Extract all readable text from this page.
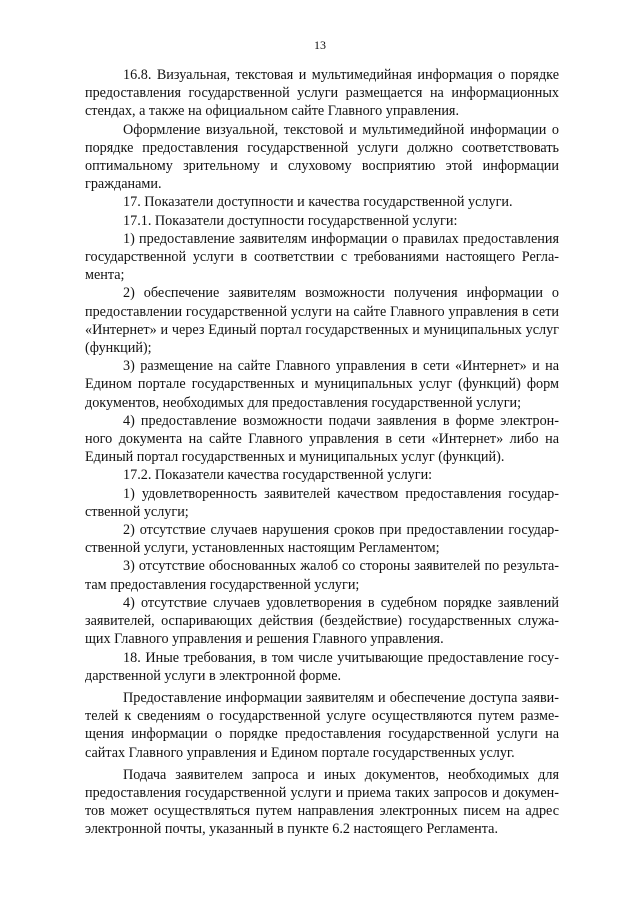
13

16.8. Визуальная, текстовая и мультимедийная информация о порядке предоставления государственной услуги размещается на информационных стендах, а также на официальном сайте Главного управления.

Оформление визуальной, текстовой и мультимедийной информации о порядке предоставления государственной услуги должно соответствовать оптимальному зрительному и слуховому восприятию этой информации гражданами.

17. Показатели доступности и качества государственной услуги.

17.1. Показатели доступности государственной услуги:

1) предоставление заявителям информации о правилах предоставления государственной услуги в соответствии с требованиями настоящего Регламента;

2) обеспечение заявителям возможности получения информации о предоставлении государственной услуги на сайте Главного управления в сети «Интернет» и через Единый портал государственных и муниципальных услуг (функций);

3) размещение на сайте Главного управления в сети «Интернет» и на Едином портале государственных и муниципальных услуг (функций) форм документов, необходимых для предоставления государственной услуги;

4) предоставление возможности подачи заявления в форме электронного документа на сайте Главного управления в сети «Интернет» либо на Единый портал государственных и муниципальных услуг (функций).

17.2. Показатели качества государственной услуги:

1) удовлетворенность заявителей качеством предоставления государственной услуги;

2) отсутствие случаев нарушения сроков при предоставлении государственной услуги, установленных настоящим Регламентом;

3) отсутствие обоснованных жалоб со стороны заявителей по результатам предоставления государственной услуги;

4) отсутствие случаев удовлетворения в судебном порядке заявлений заявителей, оспаривающих действия (бездействие) государственных служащих Главного управления и решения Главного управления.

18. Иные требования, в том числе учитывающие предоставление государственной услуги в электронной форме.

Предоставление информации заявителям и обеспечение доступа заявителей к сведениям о государственной услуге осуществляются путем размещения информации о порядке предоставления государственной услуги на сайтах Главного управления и Едином портале государственных услуг.

Подача заявителем запроса и иных документов, необходимых для предоставления государственной услуги и приема таких запросов и документов может осуществляться путем направления электронных писем на адрес электронной почты, указанный в пункте 6.2 настоящего Регламента.
